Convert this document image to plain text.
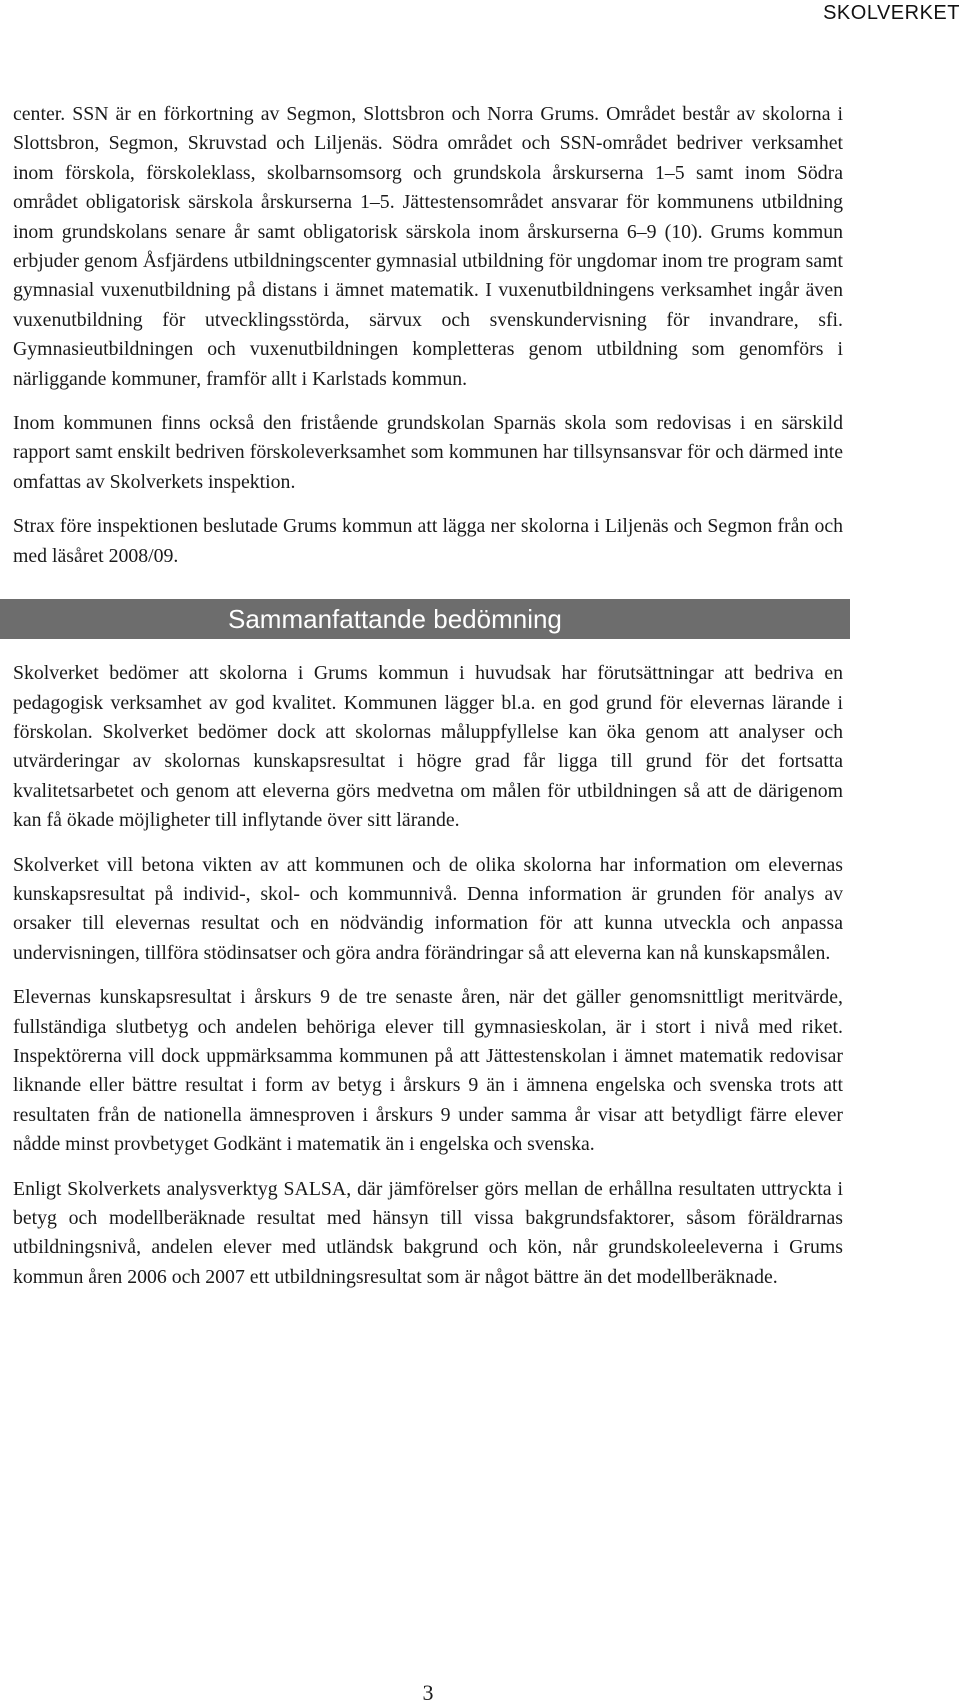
SKOLVERKET

center. SSN är en förkortning av Segmon, Slottsbron och Norra Grums. Området består av skolorna i Slottsbron, Segmon, Skruvstad och Liljenäs. Södra området och SSN-området bedriver verksamhet inom förskola, förskoleklass, skolbarnsomsorg och grundskola årskurserna 1–5 samt inom Södra området obligatorisk särskola årskurserna 1–5. Jättestensområdet ansvarar för kommunens utbildning inom grundskolans senare år samt obligatorisk särskola inom årskurserna 6–9 (10). Grums kommun erbjuder genom Åsfjärdens utbildningscenter gymnasial utbildning för ungdomar inom tre program samt gymnasial vuxenutbildning på distans i ämnet matematik. I vuxenutbildningens verksamhet ingår även vuxenutbildning för utvecklingsstörda, särvux och svenskundervisning för invandrare, sfi. Gymnasieutbildningen och vuxenutbildningen kompletteras genom utbildning som genomförs i närliggande kommuner, framför allt i Karlstads kommun.

Inom kommunen finns också den fristående grundskolan Sparnäs skola som redovisas i en särskild rapport samt enskilt bedriven förskoleverksamhet som kommunen har tillsynsansvar för och därmed inte omfattas av Skolverkets inspektion.

Strax före inspektionen beslutade Grums kommun att lägga ner skolorna i Liljenäs och Segmon från och med läsåret 2008/09.

Sammanfattande bedömning

Skolverket bedömer att skolorna i Grums kommun i huvudsak har förutsättningar att bedriva en pedagogisk verksamhet av god kvalitet. Kommunen lägger bl.a. en god grund för elevernas lärande i förskolan. Skolverket bedömer dock att skolornas måluppfyllelse kan öka genom att analyser och utvärderingar av skolornas kunskapsresultat i högre grad får ligga till grund för det fortsatta kvalitetsarbetet och genom att eleverna görs medvetna om målen för utbildningen så att de därigenom kan få ökade möjligheter till inflytande över sitt lärande.

Skolverket vill betona vikten av att kommunen och de olika skolorna har information om elevernas kunskapsresultat på individ-, skol- och kommunnivå. Denna information är grunden för analys av orsaker till elevernas resultat och en nödvändig information för att kunna utveckla och anpassa undervisningen, tillföra stödinsatser och göra andra förändringar så att eleverna kan nå kunskapsmålen.

Elevernas kunskapsresultat i årskurs 9 de tre senaste åren, när det gäller genomsnittligt meritvärde, fullständiga slutbetyg och andelen behöriga elever till gymnasieskolan, är i stort i nivå med riket. Inspektörerna vill dock uppmärksamma kommunen på att Jättestenskolan i ämnet matematik redovisar liknande eller bättre resultat i form av betyg i årskurs 9 än i ämnena engelska och svenska trots att resultaten från de nationella ämnesproven i årskurs 9 under samma år visar att betydligt färre elever nådde minst provbetyget Godkänt i matematik än i engelska och svenska.

Enligt Skolverkets analysverktyg SALSA, där jämförelser görs mellan de erhållna resultaten uttryckta i betyg och modellberäknade resultat med hänsyn till vissa bakgrundsfaktorer, såsom föräldrarnas utbildningsnivå, andelen elever med utländsk bakgrund och kön, når grundskoleeleverna i Grums kommun åren 2006 och 2007 ett utbildningsresultat som är något bättre än det modellberäknade.

3
